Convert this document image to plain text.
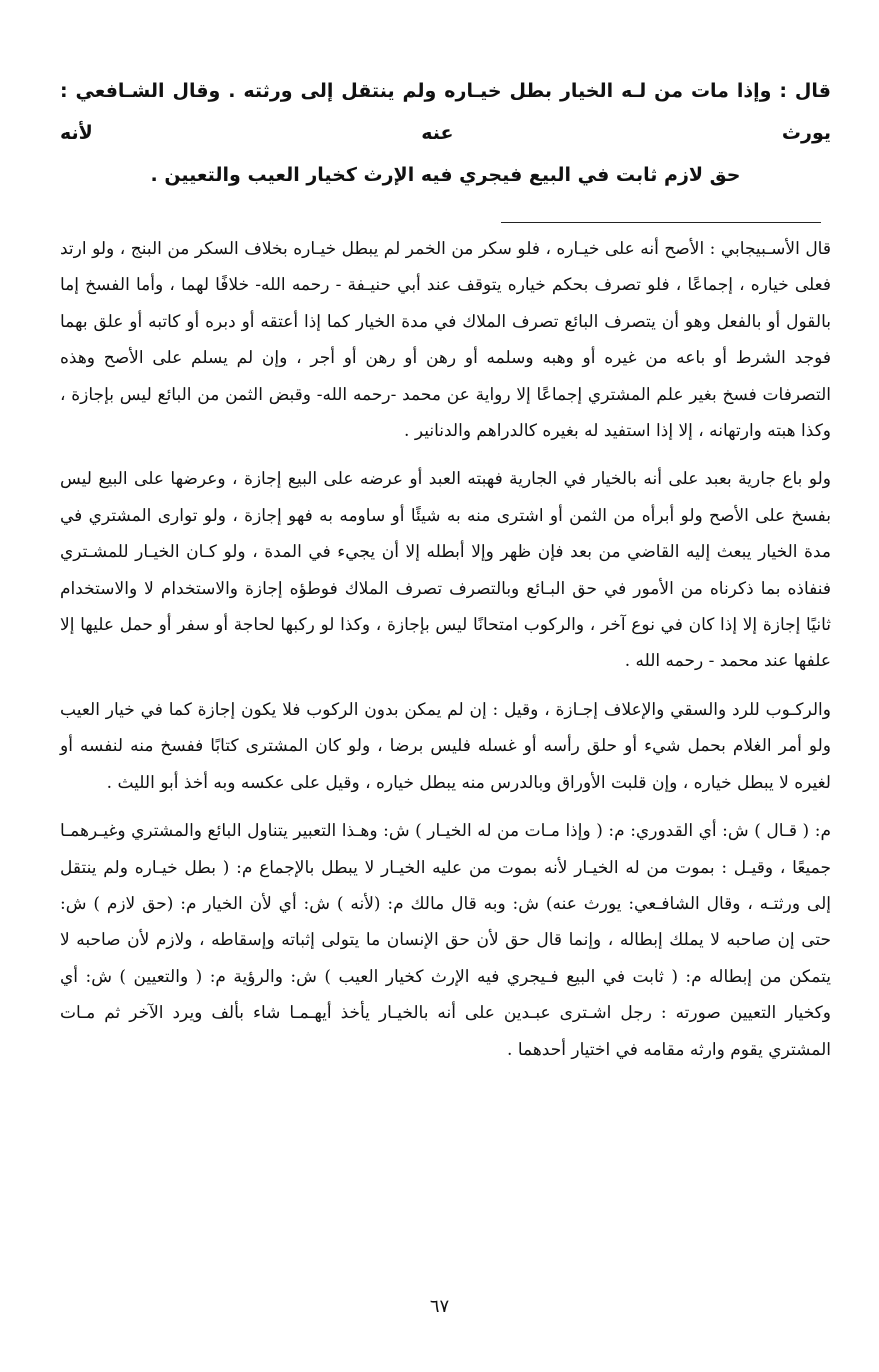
قال : وإذا مات من لـه الخيار بطل خيـاره ولم ينتقل إلى ورثته . وقال الشـافعي : يورث عنه لأنه
حق لازم ثابت في البيع فيجري فيه الإرث كخيار العيب والتعيين .

قال الأسـبيجابي : الأصح أنه على خيـاره ، فلو سكر من الخمر لم يبطل خيـاره بخلاف السكر من البنج ، ولو ارتد فعلى خياره ، إجماعًا ، فلو تصرف بحكم خياره يتوقف عند أبي حنيـفة - رحمه الله- خلافًا لهما ، وأما الفسخ إما بالقول أو بالفعل وهو أن يتصرف البائع تصرف الملاك في مدة الخيار كما إذا أعتقه أو دبره أو كاتبه أو علق بهما فوجد الشرط أو باعه من غيره أو وهبه وسلمه أو رهن أو رهن أو أجر ، وإن لم يسلم على الأصح وهذه التصرفات فسخ بغير علم المشتري إجماعًا إلا رواية عن محمد -رحمه الله- وقبض الثمن من البائع ليس بإجازة ، وكذا هبته وارتهانه ، إلا إذا استفيد له بغيره كالدراهم والدنانير .

ولو باع جارية بعبد على أنه بالخيار في الجارية فهبته العبد أو عرضه على البيع إجازة ، وعرضها على البيع ليس بفسخ على الأصح ولو أبرأه من الثمن أو اشترى منه به شيئًا أو ساومه به فهو إجازة ، ولو توارى المشتري في مدة الخيار يبعث إليه القاضي من بعد فإن ظهر وإلا أبطله إلا أن يجيء في المدة ، ولو كـان الخيـار للمشـتري فنفاذه بما ذكرناه من الأمور في حق البـائع وبالتصرف تصرف الملاك فوطؤه إجازة والاستخدام لا والاستخدام ثانيًا إجازة إلا إذا كان في نوع آخر ، والركوب امتحانًا ليس بإجازة ، وكذا لو ركبها لحاجة أو سفر أو حمل عليها إلا علفها عند محمد - رحمه الله .

والركـوب للرد والسقي والإعلاف إجـازة ، وقيل : إن لم يمكن بدون الركوب فلا يكون إجازة كما في خيار العيب ولو أمر الغلام بحمل شيء أو حلق رأسه أو غسله فليس برضا ، ولو كان المشترى كتابًا ففسخ منه لنفسه أو لغيره لا يبطل خياره ، وإن قلبت الأوراق وبالدرس منه يبطل خياره ، وقيل على عكسه وبه أخذ أبو الليث .

م: ( قـال ) ش: أي القدوري: م: ( وإذا مـات من له الخيـار ) ش: وهـذا التعبير يتناول البائع والمشتري وغيـرهمـا جميعًا ، وقيـل : بموت من له الخيـار لأنه بموت من عليه الخيـار لا يبطل بالإجماع م: ( بطل خيـاره ولم ينتقل إلى ورثتـه ، وقال الشافـعي: يورث عنه) ش: وبه قال مالك م: (لأنه ) ش: أي لأن الخيار م: (حق لازم ) ش: حتى إن صاحبه لا يملك إبطاله ، وإنما قال حق لأن حق الإنسان ما يتولى إثباته وإسقاطه ، ولازم لأن صاحبه لا يتمكن من إبطاله م: ( ثابت في البيع فـيجري فيه الإرث كخيار العيب ) ش: والرؤية م: ( والتعيين ) ش: أي وكخيار التعيين صورته : رجل اشـترى عبـدين على أنه بالخيـار يأخذ أيهـمـا شاء بألف ويرد الآخر ثم مـات المشتري يقوم وارثه مقامه في اختيار أحدهما .

٦٧
